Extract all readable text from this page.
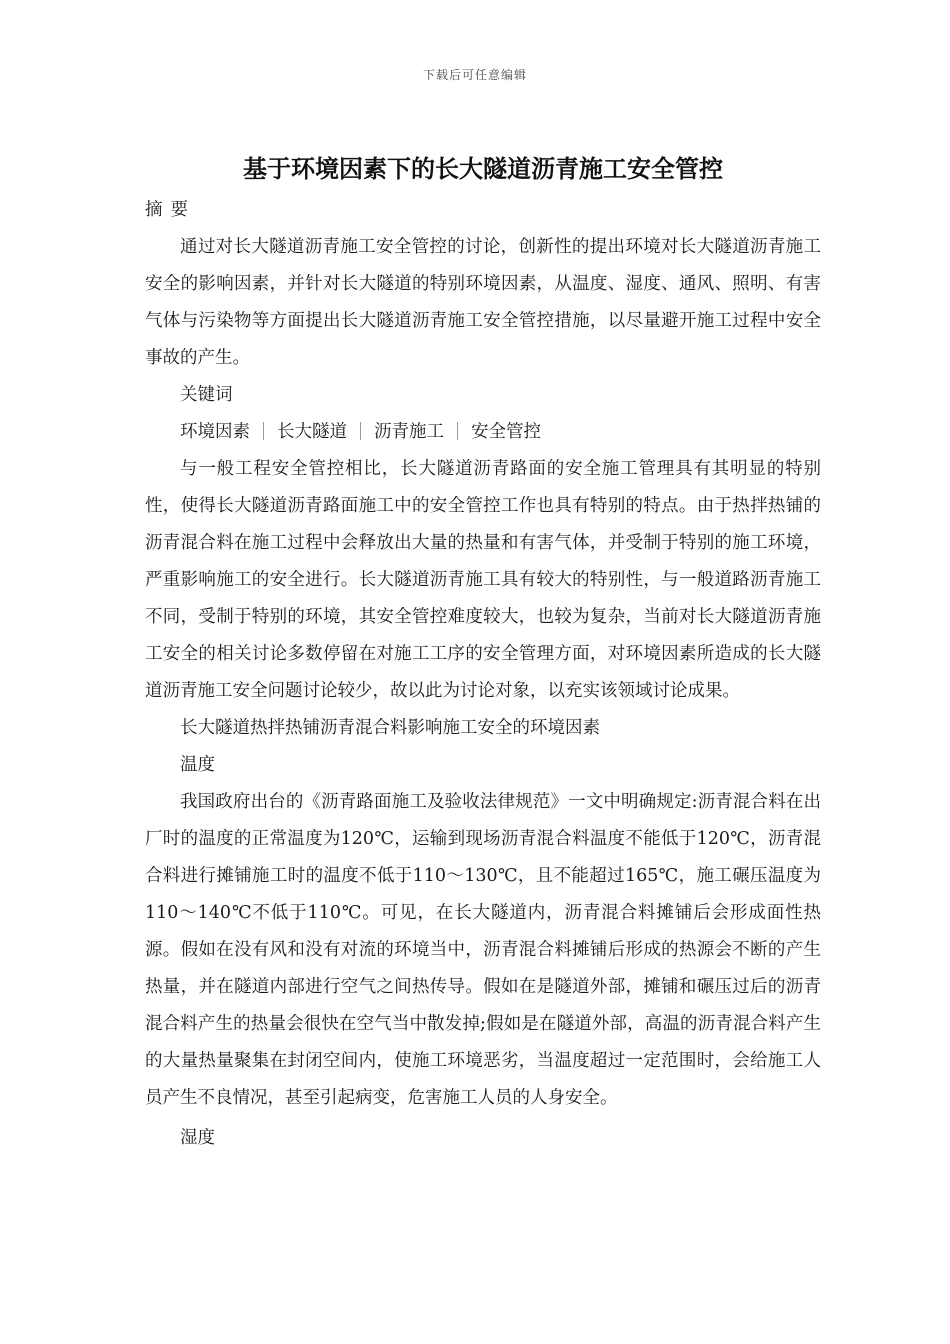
下载后可任意编辑
基于环境因素下的长大隧道沥青施工安全管控

摘要

通过对长大隧道沥青施工安全管控的讨论，创新性的提出环境对长大隧道沥青施工安全的影响因素，并针对长大隧道的特别环境因素，从温度、湿度、通风、照明、有害气体与污染物等方面提出长大隧道沥青施工安全管控措施，以尽量避开施工过程中安全事故的产生。

关键词

环境因素 长大隧道 沥青施工 安全管控

与一般工程安全管控相比，长大隧道沥青路面的安全施工管理具有其明显的特别性，使得长大隧道沥青路面施工中的安全管控工作也具有特别的特点。由于热拌热铺的沥青混合料在施工过程中会释放出大量的热量和有害气体，并受制于特别的施工环境，严重影响施工的安全进行。长大隧道沥青施工具有较大的特别性，与一般道路沥青施工不同，受制于特别的环境，其安全管控难度较大，也较为复杂，当前对长大隧道沥青施工安全的相关讨论多数停留在对施工工序的安全管理方面，对环境因素所造成的长大隧道沥青施工安全问题讨论较少，故以此为讨论对象，以充实该领域讨论成果。

长大隧道热拌热铺沥青混合料影响施工安全的环境因素

温度

我国政府出台的《沥青路面施工及验收法律规范》一文中明确规定:沥青混合料在出厂时的温度的正常温度为120℃，运输到现场沥青混合料温度不能低于120℃，沥青混合料进行摊铺施工时的温度不低于110～130℃，且不能超过165℃，施工碾压温度为110～140℃不低于110℃。可见，在长大隧道内，沥青混合料摊铺后会形成面性热源。假如在没有风和没有对流的环境当中，沥青混合料摊铺后形成的热源会不断的产生热量，并在隧道内部进行空气之间热传导。假如在是隧道外部，摊铺和碾压过后的沥青混合料产生的热量会很快在空气当中散发掉;假如是在隧道外部，高温的沥青混合料产生的大量热量聚集在封闭空间内，使施工环境恶劣，当温度超过一定范围时，会给施工人员产生不良情况，甚至引起病变，危害施工人员的人身安全。

湿度
